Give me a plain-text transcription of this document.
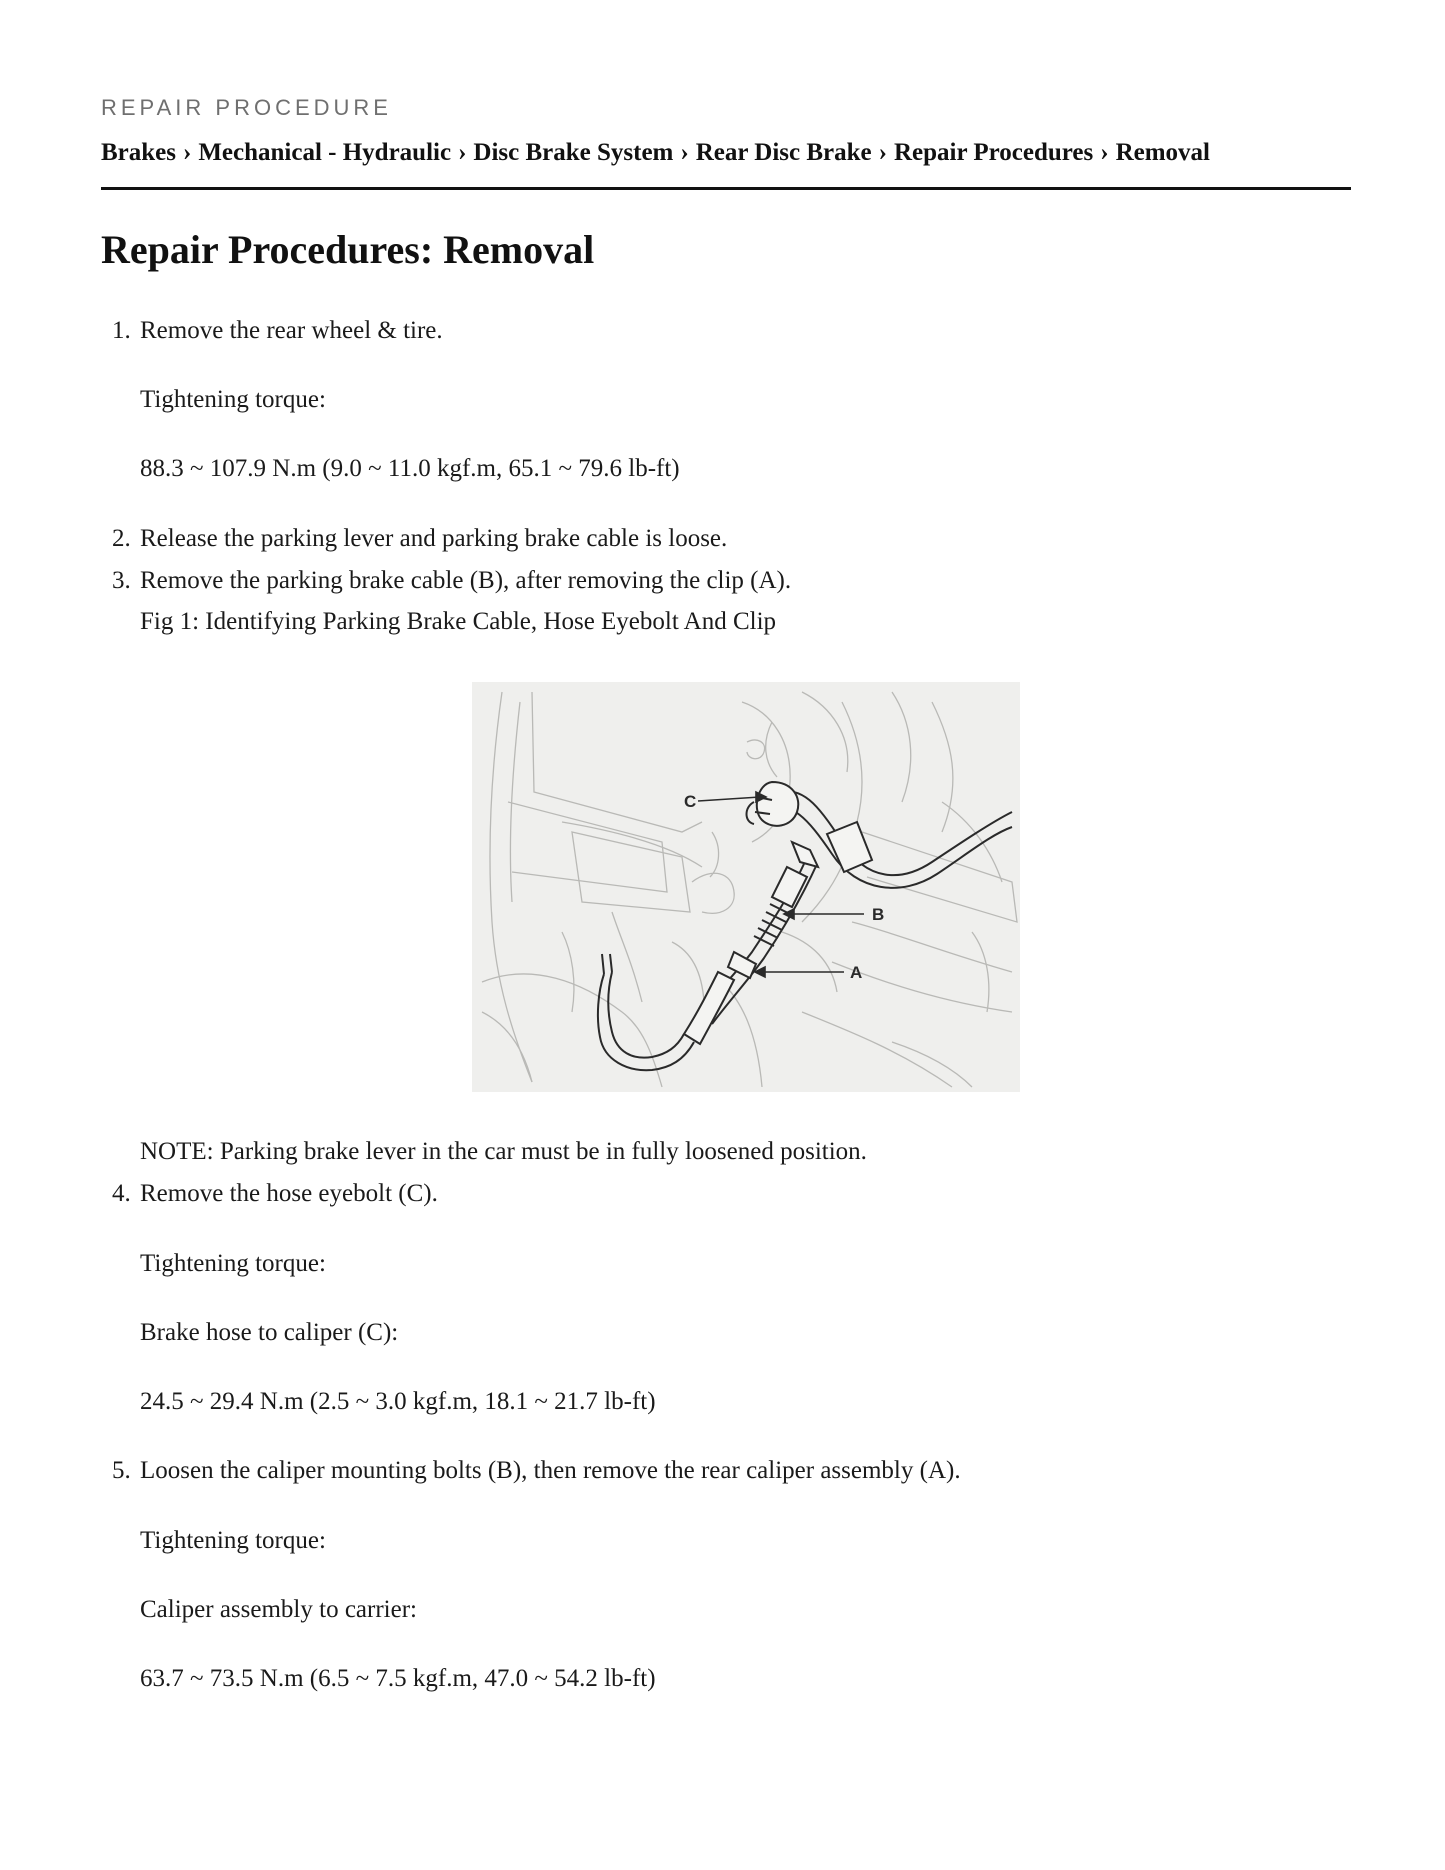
REPAIR PROCEDURE
Brakes › Mechanical - Hydraulic › Disc Brake System › Rear Disc Brake › Repair Procedures › Removal
Repair Procedures: Removal
1. Remove the rear wheel & tire.
Tightening torque:
88.3 ~ 107.9 N.m (9.0 ~ 11.0 kgf.m, 65.1 ~ 79.6 lb-ft)
2. Release the parking lever and parking brake cable is loose.
3. Remove the parking brake cable (B), after removing the clip (A).
Fig 1: Identifying Parking Brake Cable, Hose Eyebolt And Clip
C
B
A
NOTE: Parking brake lever in the car must be in fully loosened position.
4. Remove the hose eyebolt (C).
Tightening torque:
Brake hose to caliper (C):
24.5 ~ 29.4 N.m (2.5 ~ 3.0 kgf.m, 18.1 ~ 21.7 lb-ft)
5. Loosen the caliper mounting bolts (B), then remove the rear caliper assembly (A).
Tightening torque:
Caliper assembly to carrier:
63.7 ~ 73.5 N.m (6.5 ~ 7.5 kgf.m, 47.0 ~ 54.2 lb-ft)
